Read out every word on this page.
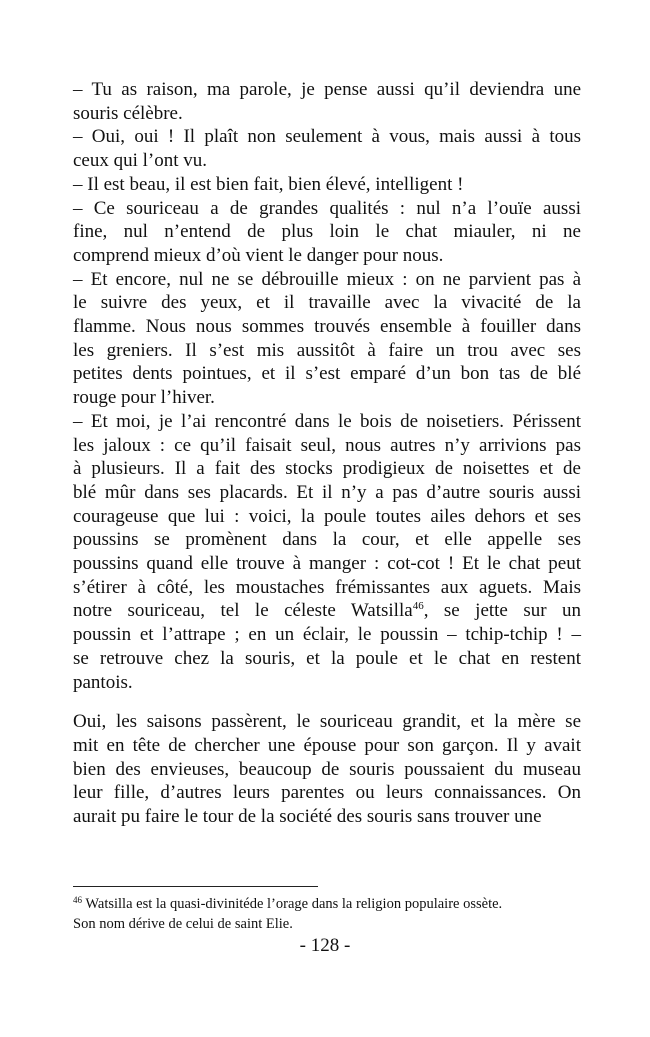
– Tu as raison, ma parole, je pense aussi qu’il deviendra une
souris célèbre.
– Oui, oui ! Il plaît non seulement à vous, mais aussi à tous
ceux qui l’ont vu.
– Il est beau, il est bien fait, bien élevé, intelligent !
– Ce souriceau a de grandes qualités : nul n’a l’ouïe aussi
fine, nul n’entend de plus loin le chat miauler, ni ne
comprend mieux d’où vient le danger pour nous.
– Et encore, nul ne se débrouille mieux : on ne parvient pas à
le suivre des yeux, et il travaille avec la vivacité de la
flamme. Nous nous sommes trouvés ensemble à fouiller dans
les greniers. Il s’est mis aussitôt à faire un trou avec ses
petites dents pointues, et il s’est emparé d’un bon tas de blé
rouge pour l’hiver.
– Et moi, je l’ai rencontré dans le bois de noisetiers. Périssent
les jaloux : ce qu’il faisait seul, nous autres n’y arrivions pas
à plusieurs. Il a fait des stocks prodigieux de noisettes et de
blé mûr dans ses placards. Et il n’y a pas d’autre souris aussi
courageuse que lui : voici, la poule toutes ailes dehors et ses
poussins se promènent dans la cour, et elle appelle ses
poussins quand elle trouve à manger : cot-cot ! Et le chat peut
s’étirer à côté, les moustaches frémissantes aux aguets. Mais
notre souriceau, tel le céleste Watsilla$^{46}$, se jette sur un
poussin et l’attrape ; en un éclair, le poussin – tchip-tchip ! –
se retrouve chez la souris, et la poule et le chat en restent
pantois.
Oui, les saisons passèrent, le souriceau grandit, et la mère se
mit en tête de chercher une épouse pour son garçon. Il y avait
bien des envieuses, beaucoup de souris poussaient du museau
leur fille, d’autres leurs parentes ou leurs connaissances. On
aurait pu faire le tour de la société des souris sans trouver une
$^{46}$ Watsilla est la quasi-divinitéde l’orage dans la religion populaire ossète.
Son nom dérive de celui de saint Elie.
- 128 -
